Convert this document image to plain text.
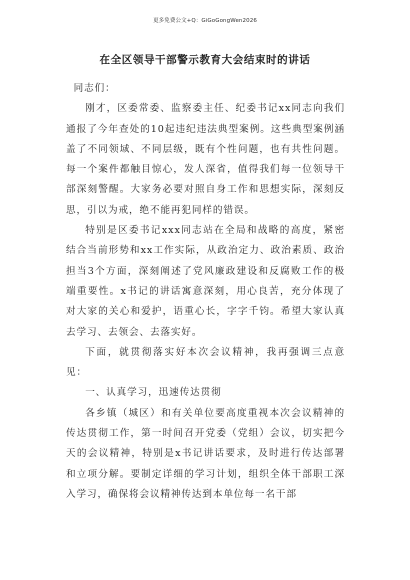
更多免费公文+Q：GiGoGongWen2026
在全区领导干部警示教育大会结束时的讲话

同志们：

刚才，区委常委、监察委主任、纪委书记xx同志向我们通报了今年查处的10起违纪违法典型案例。这些典型案例涵盖了不同领域、不同层级，既有个性问题，也有共性问题。每一个案件都触目惊心，发人深省，值得我们每一位领导干部深刻警醒。大家务必要对照自身工作和思想实际，深刻反思，引以为戒，绝不能再犯同样的错误。

特别是区委书记xxx同志站在全局和战略的高度，紧密结合当前形势和xx工作实际，从政治定力、政治素质、政治担当3个方面，深刻阐述了党风廉政建设和反腐败工作的极端重要性。x书记的讲话寓意深刻，用心良苦，充分体现了对大家的关心和爱护，语重心长，字字千钧。希望大家认真去学习、去领会、去落实好。

下面，就贯彻落实好本次会议精神，我再强调三点意见：

一、认真学习，迅速传达贯彻

各乡镇（城区）和有关单位要高度重视本次会议精神的传达贯彻工作，第一时间召开党委（党组）会议，切实把今天的会议精神，特别是x书记讲话要求，及时进行传达部署和立项分解。要制定详细的学习计划，组织全体干部职工深入学习，确保将会议精神传达到本单位每一名干部
